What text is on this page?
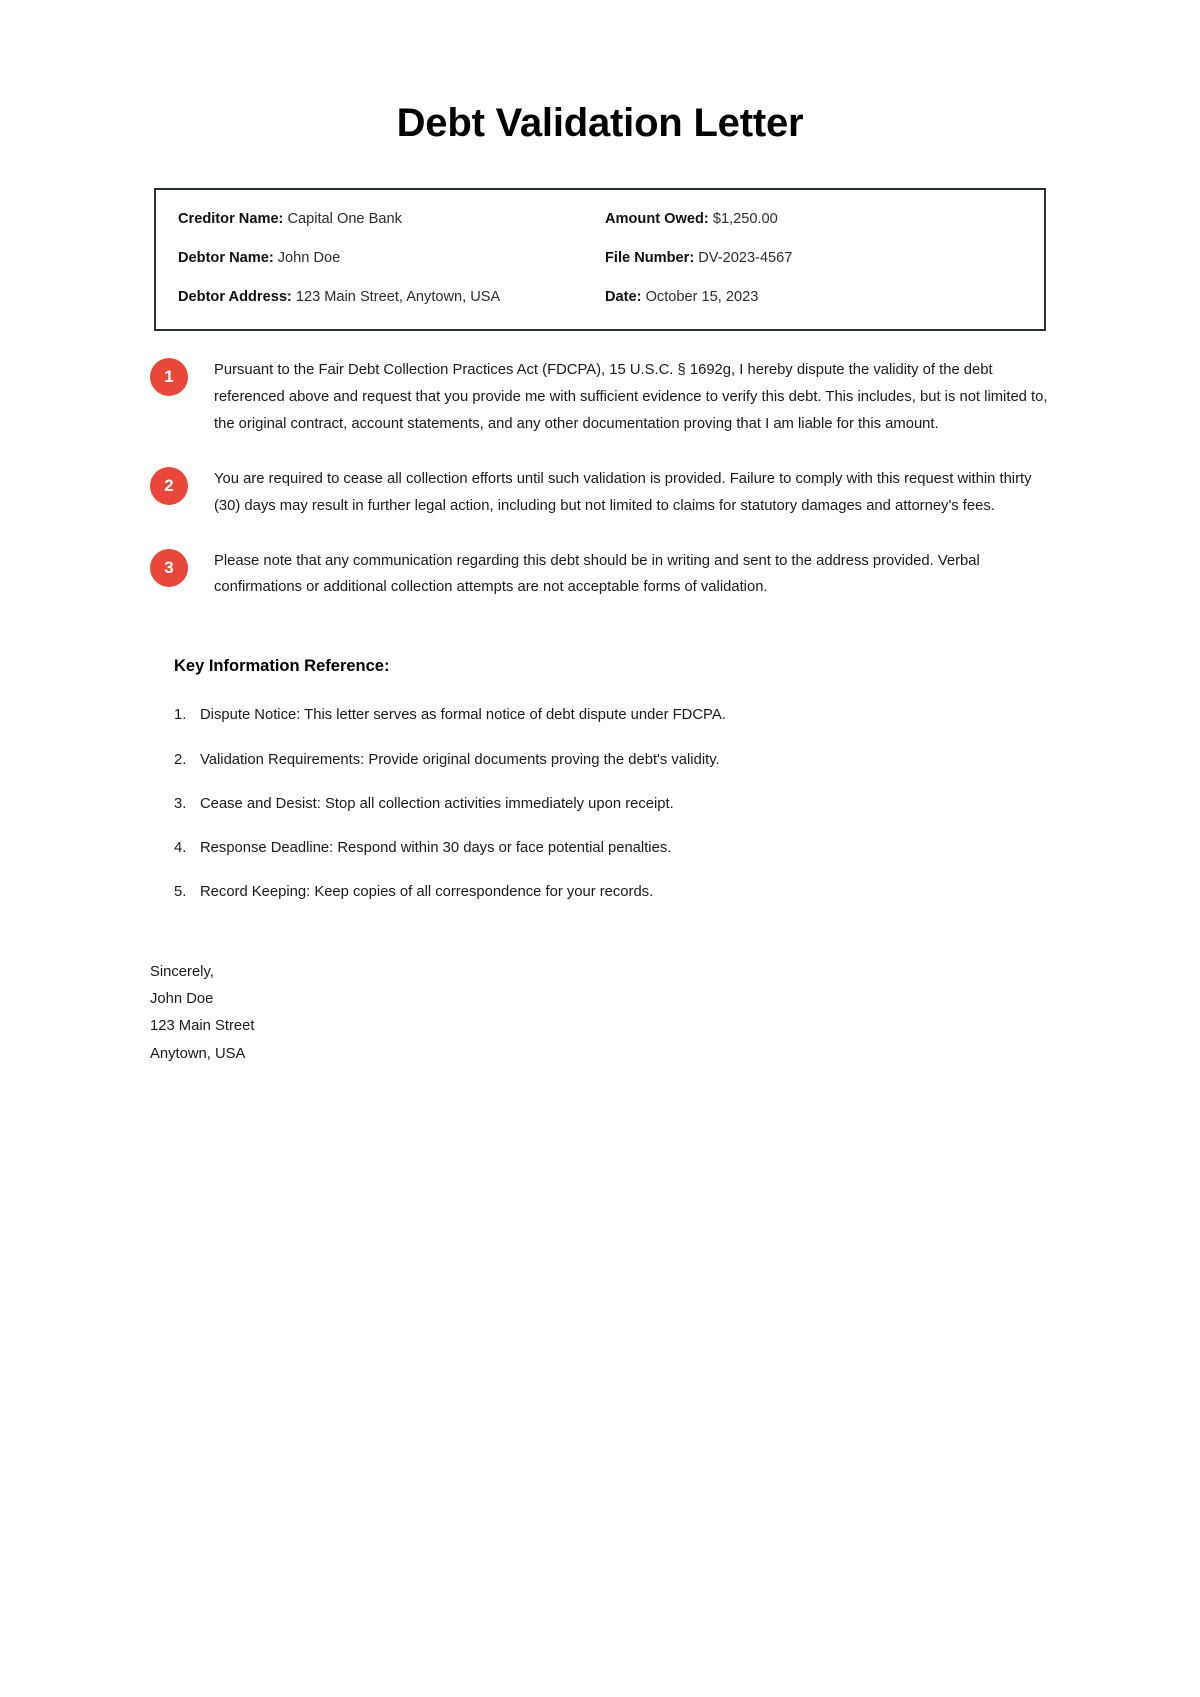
Debt Validation Letter
Creditor Name: Capital One Bank	Amount Owed: $1,250.00
Debtor Name: John Doe	File Number: DV-2023-4567
Debtor Address: 123 Main Street, Anytown, USA	Date: October 15, 2023
1	Pursuant to the Fair Debt Collection Practices Act (FDCPA), 15 U.S.C. § 1692g, I hereby dispute the validity of the debt referenced above and request that you provide me with sufficient evidence to verify this debt. This includes, but is not limited to, the original contract, account statements, and any other documentation proving that I am liable for this amount.
2	You are required to cease all collection efforts until such validation is provided. Failure to comply with this request within thirty (30) days may result in further legal action, including but not limited to claims for statutory damages and attorney's fees.
3	Please note that any communication regarding this debt should be in writing and sent to the address provided. Verbal confirmations or additional collection attempts are not acceptable forms of validation.
Key Information Reference:
1. Dispute Notice: This letter serves as formal notice of debt dispute under FDCPA.
2. Validation Requirements: Provide original documents proving the debt's validity.
3. Cease and Desist: Stop all collection activities immediately upon receipt.
4. Response Deadline: Respond within 30 days or face potential penalties.
5. Record Keeping: Keep copies of all correspondence for your records.
Sincerely,
John Doe
123 Main Street
Anytown, USA
